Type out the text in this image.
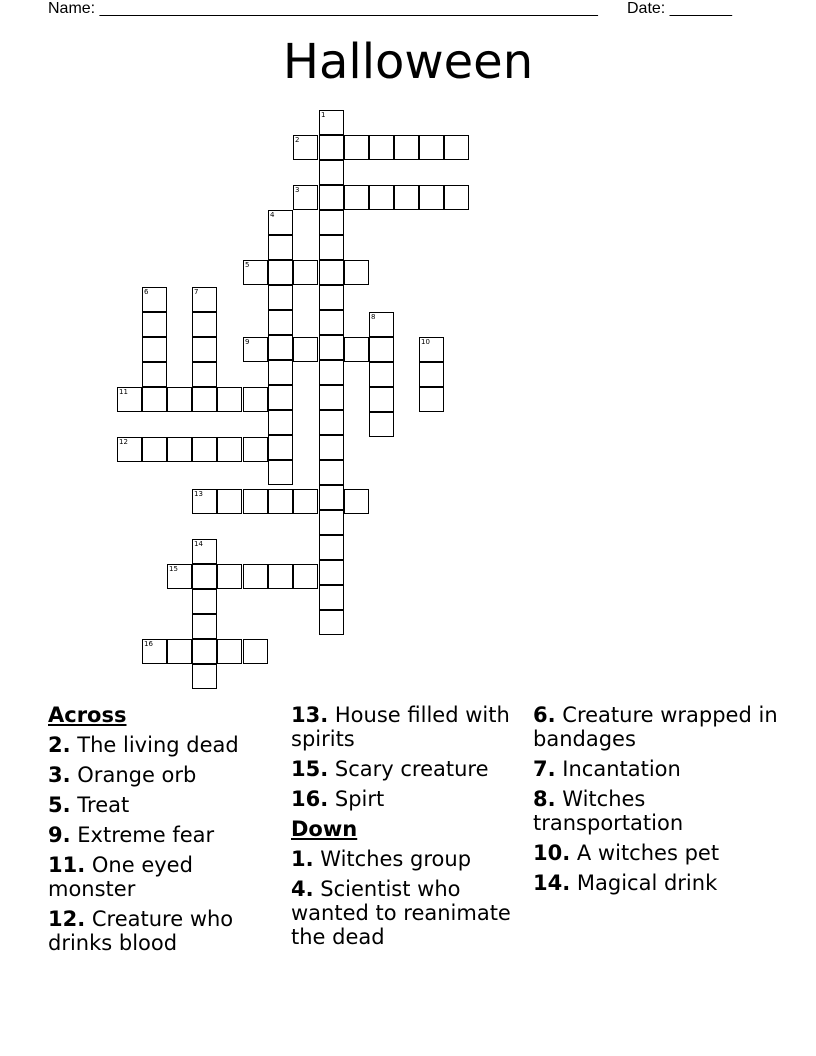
Name: ________________________________________________________ Date: _______
Halloween
1
2
3
4
5
6	7
8
9	10
11
12
13
14
15
16
Across
2. The living dead
3. Orange orb
5. Treat
9. Extreme fear
11. One eyed monster
12. Creature who drinks blood
13. House filled with spirits
15. Scary creature
16. Spirt
Down
1. Witches group
4. Scientist who wanted to reanimate the dead
6. Creature wrapped in bandages
7. Incantation
8. Witches transportation
10. A witches pet
14. Magical drink
